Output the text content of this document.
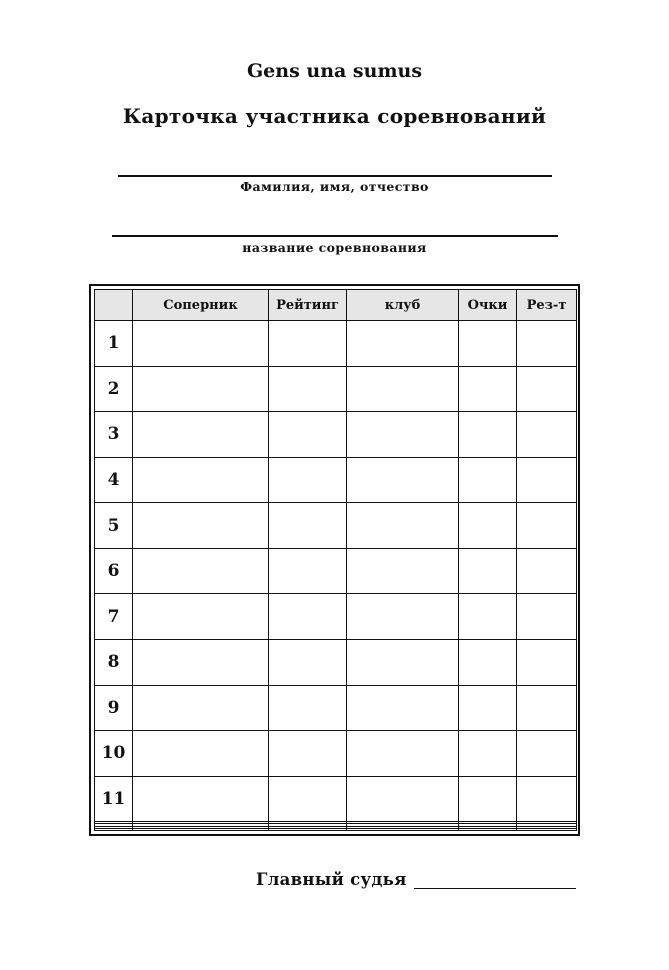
Gens una sumus
Карточка участника соревнований
Фамилия, имя, отчество
название соревнования
	Соперник	Рейтинг	клуб	Очки	Рез-т
1					
2					
3					
4					
5					
6					
7					
8					
9					
10					
11					

Главный судья
